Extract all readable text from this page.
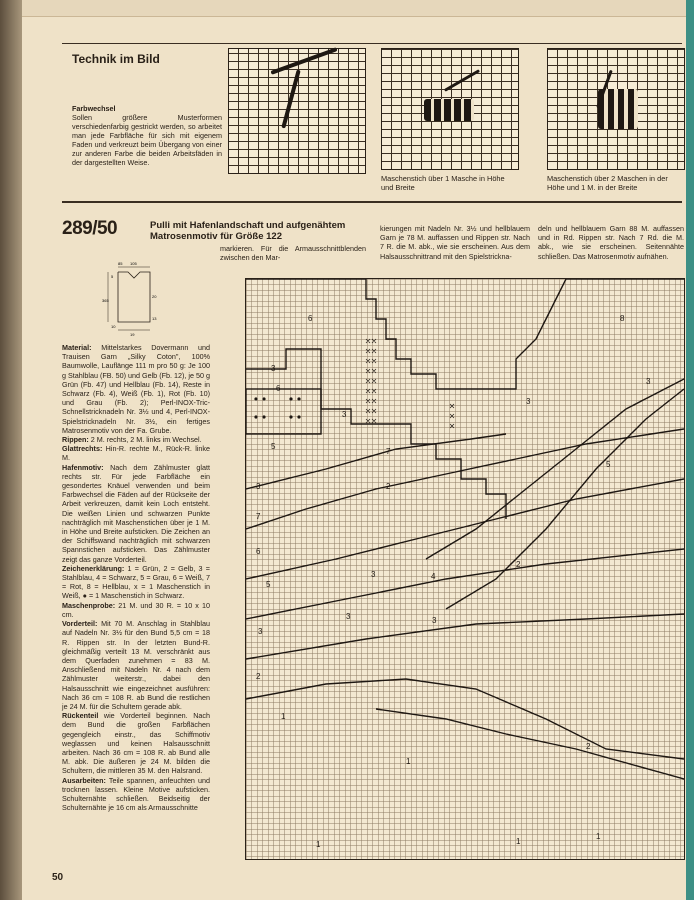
Technik im Bild
Farbwechsel
Sollen größere Musterformen verschiedenfarbig gestrickt werden, so arbeitet man jede Farbfläche für sich mit eigenem Faden und verkreuzt beim Übergang von einer zur anderen Farbe die beiden Arbeitsfäden in der dargestellten Weise.
Maschenstich über 1 Masche in Höhe und Breite
Maschenstich über 2 Maschen in der Höhe und 1 M. in der Breite
289/50	Pulli mit Hafenlandschaft und aufgenähtem Matrosenmotiv für Größe 122
85 105
5
365
20
13
19
10

Material: Mittelstarkes Dovermann und Trauisen Garn „Silky Coton", 100% Baumwolle, Lauflänge 111 m pro 50 g: Je 100 g Stahlblau (FB. 50) und Gelb (Fb. 12), je 50 g Grün (Fb. 47) und Hellblau (Fb. 14), Reste in Schwarz (Fb. 4), Weiß (Fb. 1), Rot (Fb. 10) und Grau (Fb. 2); Perl-INOX-Tric-Schnellstricknadeln Nr. 3½ und 4, Perl-INOX-Spielstricknadeln Nr. 3½, ein fertiges Matrosenmotiv von der Fa. Grube.

Rippen: 2 M. rechts, 2 M. links im Wechsel.

Glattrechts: Hin-R. rechte M., Rück-R. linke M.

Hafenmotiv: Nach dem Zählmuster glatt rechts str. Für jede Farbfläche ein gesondertes Knäuel verwenden und beim Farbwechsel die Fäden auf der Rückseite der Arbeit verkreuzen, damit kein Loch entsteht. Die weißen Linien und schwarzen Punkte nachträglich mit Maschenstichen über je 1 M. in Höhe und Breite aufsticken. Die Zeichen an der Schiffswand nachträglich mit schwarzen Spannstichen aufsticken. Das Zählmuster zeigt das ganze Vorderteil.

Zeichenerklärung: 1 = Grün, 2 = Gelb, 3 = Stahlblau, 4 = Schwarz, 5 = Grau, 6 = Weiß, 7 = Rot, 8 = Hellblau, x = 1 Maschenstich in Weiß, ● = 1 Maschenstich in Schwarz.

Maschenprobe: 21 M. und 30 R. = 10 x 10 cm.

Vorderteil: Mit 70 M. Anschlag in Stahlblau auf Nadeln Nr. 3½ für den Bund 5,5 cm = 18 R. Rippen str. In der letzten Bund-R. gleichmäßig verteilt 13 M. verschränkt aus dem Querfaden zunehmen = 83 M. Anschließend mit Nadeln Nr. 4 nach dem Zählmuster weiterstr., dabei den Halsausschnitt wie eingezeichnet ausführen: Nach 36 cm = 108 R. ab Bund die restlichen je 24 M. für die Schultern gerade abk.

Rückenteil wie Vorderteil beginnen. Nach dem Bund die großen Farbflächen gegengleich einstr., das Schiffmotiv weglassen und keinen Halsausschnitt arbeiten. Nach 36 cm = 108 R. ab Bund alle M. abk. Die äußeren je 24 M. bilden die Schultern, die mittleren 35 M. den Halsrand.

Ausarbeiten: Teile spannen, anfeuchten und trocknen lassen. Kleine Motive aufsticken. Schulternähte schließen. Beidseitig der Schulternähte je 16 cm als Armausschnitte

markieren. Für die Armausschnittblenden zwischen den Mar-
kierungen mit Nadeln Nr. 3½ und hellblauem Garn je 78 M. auffassen und Rippen str. Nach 7 R. die M. abk., wie sie erscheinen. Aus dem Halsausschnittrand mit den Spielstrickna-
deln und hellblauem Garn 88 M. auffassen und in Rd. Rippen str. Nach 7 Rd. die M. abk., wie sie erscheinen. Seitennähte schließen. Das Matrosenmotiv aufnähen.
6	8
3
6
3
3
3
5
7
5
3	2
7
6
3
5
4
2
3
3	3
2
1
1
2
1	1
1
50
